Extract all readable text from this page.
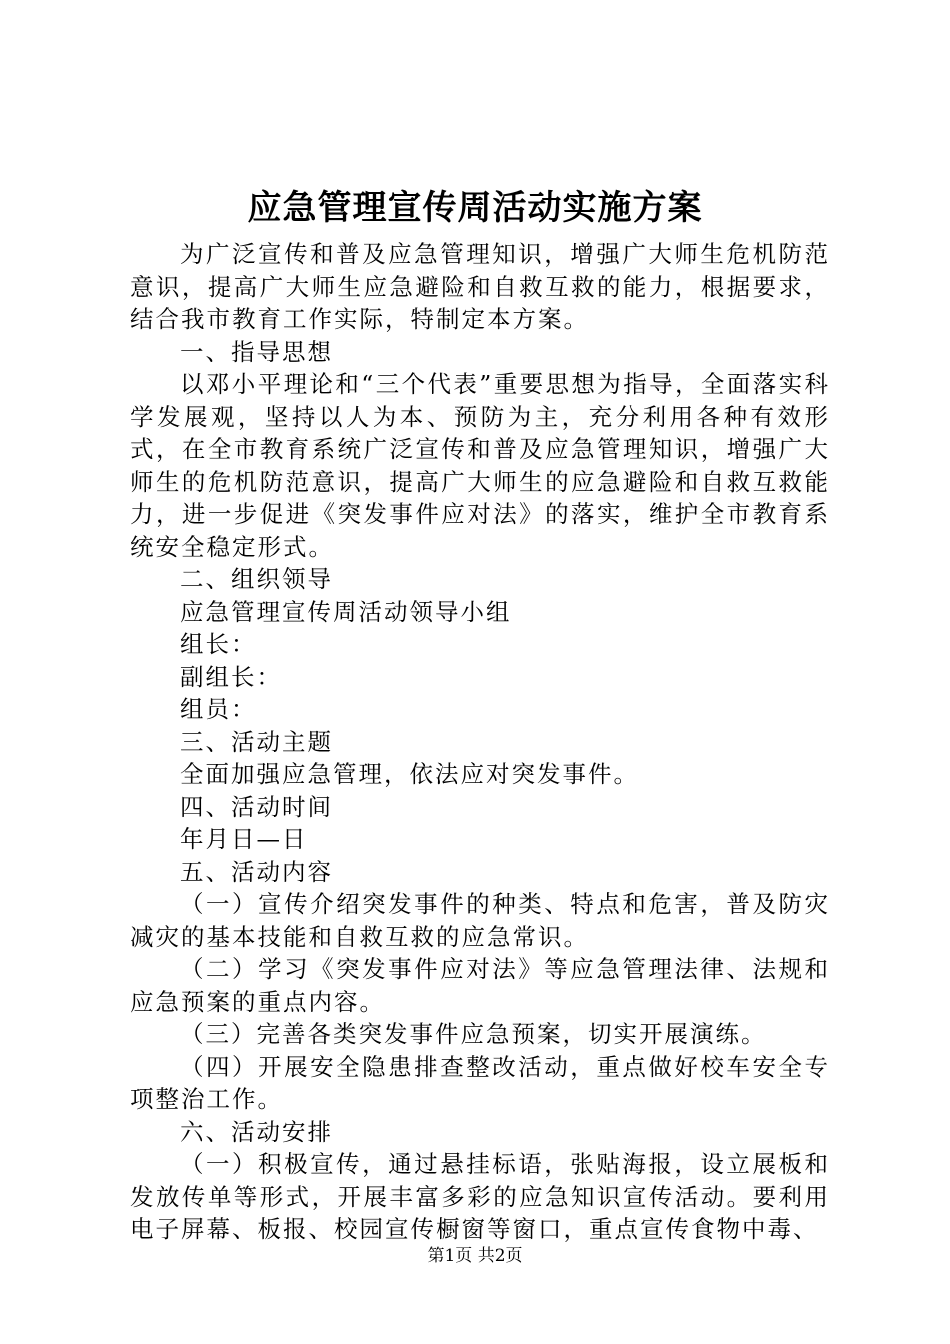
应急管理宣传周活动实施方案

为广泛宣传和普及应急管理知识，增强广大师生危机防范意识，提高广大师生应急避险和自救互救的能力，根据要求，结合我市教育工作实际，特制定本方案。

一、指导思想

以邓小平理论和“三个代表”重要思想为指导，全面落实科学发展观，坚持以人为本、预防为主，充分利用各种有效形式，在全市教育系统广泛宣传和普及应急管理知识，增强广大师生的危机防范意识，提高广大师生的应急避险和自救互救能力，进一步促进《突发事件应对法》的落实，维护全市教育系统安全稳定形式。

二、组织领导

应急管理宣传周活动领导小组

组长：

副组长：

组员：

三、活动主题

全面加强应急管理，依法应对突发事件。

四、活动时间

年月日—日

五、活动内容

（一）宣传介绍突发事件的种类、特点和危害，普及防灾减灾的基本技能和自救互救的应急常识。

（二）学习《突发事件应对法》等应急管理法律、法规和应急预案的重点内容。

（三）完善各类突发事件应急预案，切实开展演练。

（四）开展安全隐患排查整改活动，重点做好校车安全专项整治工作。

六、活动安排

（一）积极宣传，通过悬挂标语，张贴海报，设立展板和发放传单等形式，开展丰富多彩的应急知识宣传活动。要利用电子屏幕、板报、校园宣传橱窗等窗口，重点宣传食物中毒、

第1页 共2页
